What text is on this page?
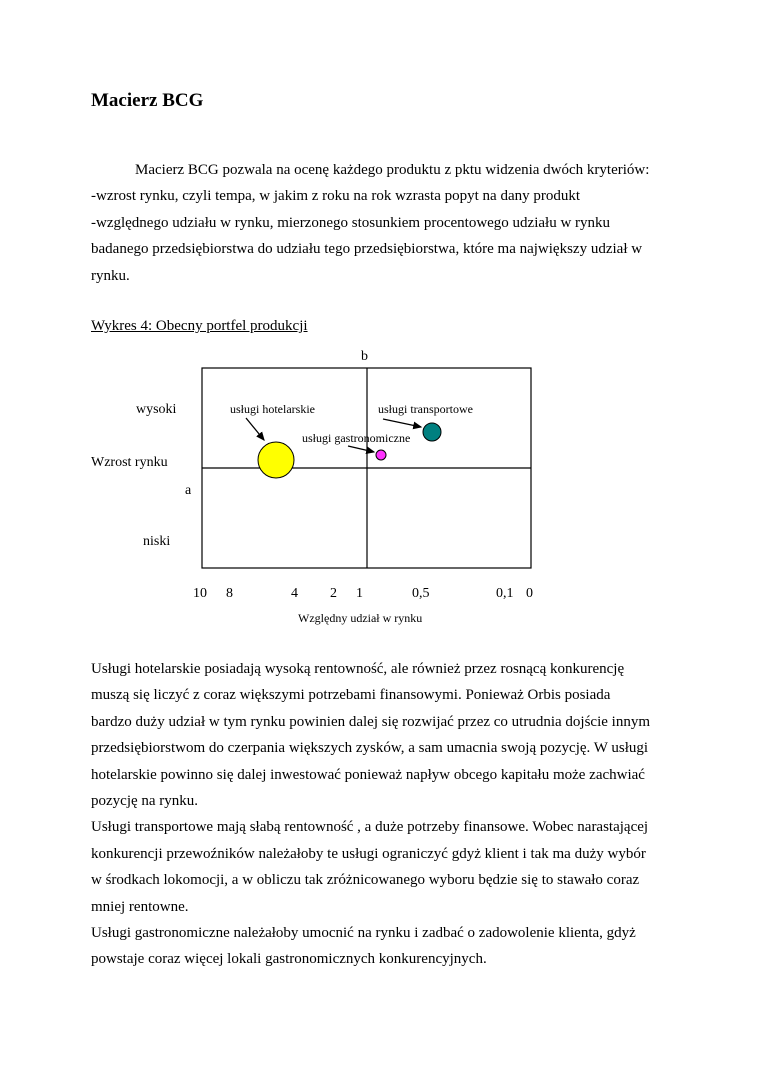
Macierz BCG
Macierz BCG pozwala na ocenę każdego produktu z pktu widzenia dwóch kryteriów:
-wzrost rynku, czyli tempa, w jakim z roku na rok wzrasta popyt na dany produkt
-względnego udziału w rynku, mierzonego stosunkiem procentowego udziału w rynku
badanego przedsiębiorstwa do udziału tego przedsiębiorstwa, które ma największy udział w
rynku.
Wykres 4: Obecny portfel produkcji
b
a
wysoki
Wzrost rynku
niski
10 8	4 2 1	0,5	0,1 0
Względny udział w rynku
usługi hotelarskie	usługi transportowe
usługi gastronomiczne
Usługi hotelarskie posiadają wysoką rentowność, ale również przez rosnącą konkurencję
muszą się liczyć z coraz większymi potrzebami finansowymi. Ponieważ Orbis posiada
bardzo duży udział w tym rynku powinien dalej się rozwijać przez co utrudnia dojście innym
przedsiębiorstwom do czerpania większych zysków, a sam umacnia swoją pozycję. W usługi
hotelarskie powinno się dalej inwestować ponieważ napływ obcego kapitału może zachwiać
pozycję na rynku.
Usługi transportowe mają słabą rentowność , a duże potrzeby finansowe. Wobec narastającej
konkurencji przewoźników należałoby te usługi ograniczyć gdyż klient i tak ma duży wybór
w środkach lokomocji, a w obliczu tak zróżnicowanego wyboru będzie się to stawało coraz
mniej rentowne.
Usługi gastronomiczne należałoby umocnić na rynku i zadbać o zadowolenie klienta, gdyż
powstaje coraz więcej lokali gastronomicznych konkurencyjnych.
